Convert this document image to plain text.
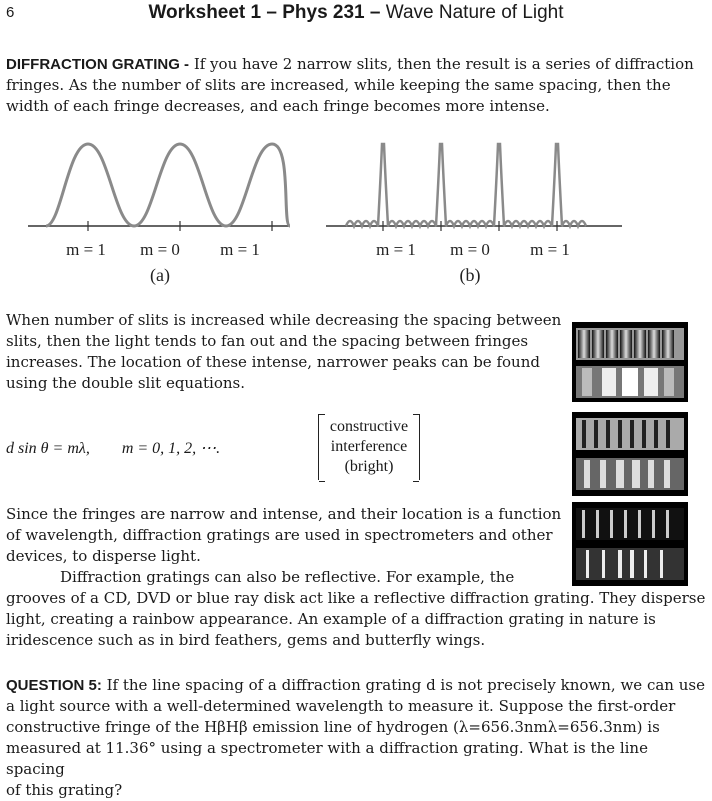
6	Worksheet 1 – Phys 231 – Wave Nature of Light

DIFFRACTION GRATING - If you have 2 narrow slits, then the result is a series of diffraction
fringes. As the number of slits are increased, while keeping the same spacing, then the
width of each fringe decreases, and each fringe becomes more intense.

m = 1 m = 0 m = 1
(a)
m = 1 m = 0 m = 1
(b)

When number of slits is increased while decreasing the spacing between
slits, then the light tends to fan out and the spacing between fringes
increases. The location of these intense, narrower peaks can be found
using the double slit equations.

d sin θ = mλ, m = 0, 1, 2, ⋯.
constructive
interference
(bright)

Since the fringes are narrow and intense, and their location is a function
of wavelength, diffraction gratings are used in spectrometers and other
devices, to disperse light.
Diffraction gratings can also be reflective. For example, the
grooves of a CD, DVD or blue ray disk act like a reflective diffraction grating. They disperse
light, creating a rainbow appearance. An example of a diffraction grating in nature is
iridescence such as in bird feathers, gems and butterfly wings.

QUESTION 5: If the line spacing of a diffraction grating d is not precisely known, we can use
a light source with a well-determined wavelength to measure it. Suppose the first-order
constructive fringe of the HβHβ emission line of hydrogen (λ=656.3nmλ=656.3nm) is
measured at 11.36° using a spectrometer with a diffraction grating. What is the line spacing
of this grating?
